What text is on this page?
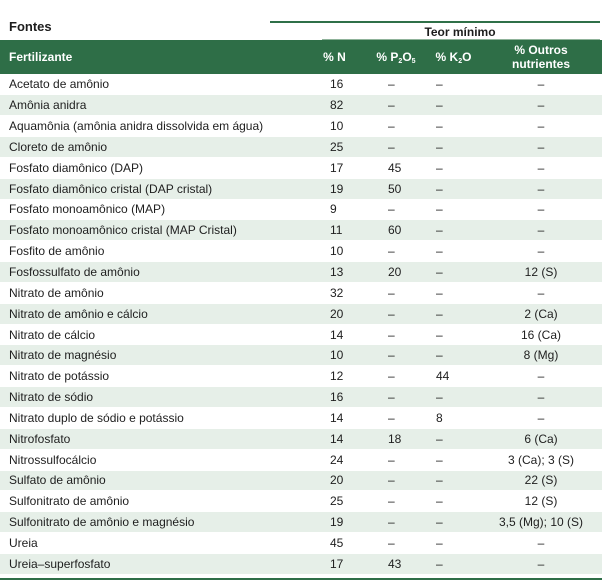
Fontes	Teor mínimo
Fertilizante	% N	% $P_2O_5$	% $K_2O$	% Outros
nutrientes
Acetato de amônio	16	–	–	–
Amônia anidra	82	–	–	–
Aquamônia (amônia anidra dissolvida em água)	10	–	–	–
Cloreto de amônio	25	–	–	–
Fosfato diamônico (DAP)	17	45	–	–
Fosfato diamônico cristal (DAP cristal)	19	50	–	–
Fosfato monoamônico (MAP)	9	–	–	–
Fosfato monoamônico cristal (MAP Cristal)	11	60	–	–
Fosfito de amônio	10	–	–	–
Fosfossulfato de amônio	13	20	–	12 (S)
Nitrato de amônio	32	–	–	–
Nitrato de amônio e cálcio	20	–	–	2 (Ca)
Nitrato de cálcio	14	–	–	16 (Ca)
Nitrato de magnésio	10	–	–	8 (Mg)
Nitrato de potássio	12	–	44	–
Nitrato de sódio	16	–	–	–
Nitrato duplo de sódio e potássio	14	–	8	–
Nitrofosfato	14	18	–	6 (Ca)
Nitrossulfocálcio	24	–	–	3 (Ca); 3 (S)
Sulfato de amônio	20	–	–	22 (S)
Sulfonitrato de amônio	25	–	–	12 (S)
Sulfonitrato de amônio e magnésio	19	–	–	3,5 (Mg); 10 (S)
Ureia	45	–	–	–
Ureia–superfosfato	17	43	–	–
